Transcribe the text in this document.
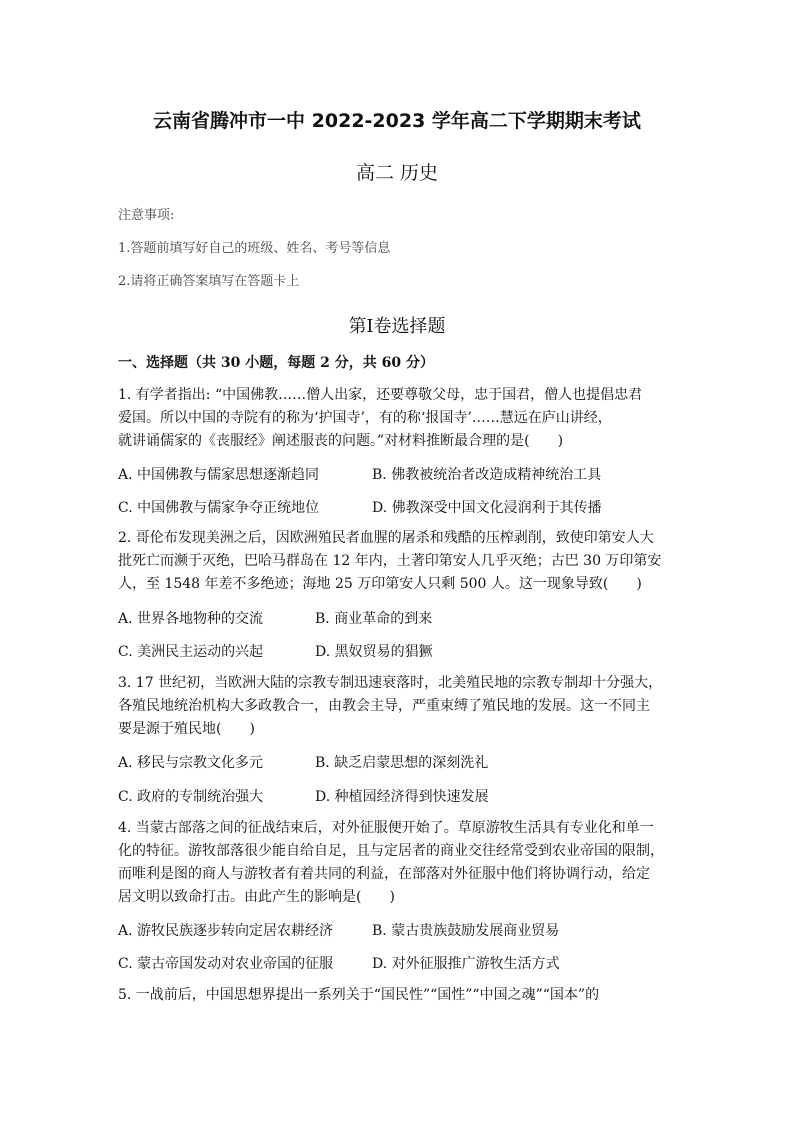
云南省腾冲市一中 2022-2023 学年高二下学期期末考试
高二 历史
注意事项:
1.答题前填写好自己的班级、姓名、考号等信息
2.请将正确答案填写在答题卡上
第Ⅰ卷选择题
一、选择题（共 30 小题，每题 2 分，共 60 分）
1. 有学者指出: “中国佛教……僧人出家，还要尊敬父母，忠于国君，僧人也提倡忠君
爱国。所以中国的寺院有的称为‘护国寺’，有的称‘报国寺’……慧远在庐山讲经，
就讲诵儒家的《丧服经》阐述服丧的问题。”对材料推断最合理的是(　　)
A. 中国佛教与儒家思想逐渐趋同	B. 佛教被统治者改造成精神统治工具
C. 中国佛教与儒家争夺正统地位	D. 佛教深受中国文化浸润利于其传播
2. 哥伦布发现美洲之后，因欧洲殖民者血腥的屠杀和残酷的压榨剥削，致使印第安人大
批死亡而濒于灭绝，巴哈马群岛在 12 年内，土著印第安人几乎灭绝；古巴 30 万印第安
人，至 1548 年差不多绝迹；海地 25 万印第安人只剩 500 人。这一现象导致(　　)
A. 世界各地物种的交流	B. 商业革命的到来
C. 美洲民主运动的兴起	D. 黑奴贸易的猖獗
3. 17 世纪初，当欧洲大陆的宗教专制迅速衰落时，北美殖民地的宗教专制却十分强大，
各殖民地统治机构大多政教合一，由教会主导，严重束缚了殖民地的发展。这一不同主
要是源于殖民地(　　)
A. 移民与宗教文化多元	B. 缺乏启蒙思想的深刻洗礼
C. 政府的专制统治强大	D. 种植园经济得到快速发展
4. 当蒙古部落之间的征战结束后，对外征服便开始了。草原游牧生活具有专业化和单一
化的特征。游牧部落很少能自给自足，且与定居者的商业交往经常受到农业帝国的限制，
而唯利是图的商人与游牧者有着共同的利益，在部落对外征服中他们将协调行动，给定
居文明以致命打击。由此产生的影响是(　　)
A. 游牧民族逐步转向定居农耕经济	B. 蒙古贵族鼓励发展商业贸易
C. 蒙古帝国发动对农业帝国的征服	D. 对外征服推广游牧生活方式
5. 一战前后，中国思想界提出一系列关于“国民性”“国性”“中国之魂”“国本”的
